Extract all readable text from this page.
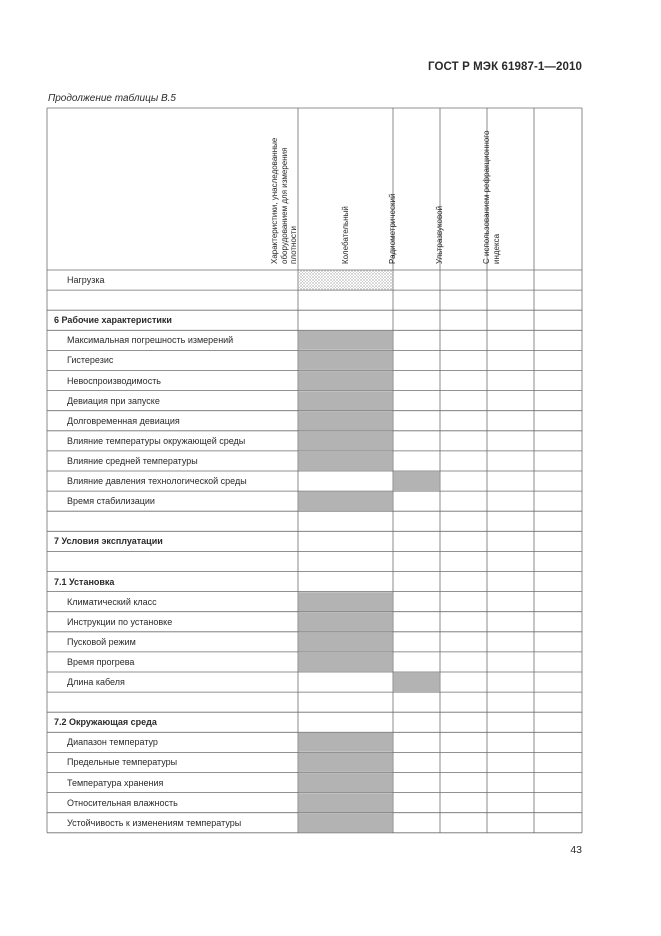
ГОСТ Р МЭК 61987-1—2010
Продолжение таблицы В.5
Характеристики, унаследованные оборудованием для измерения плотности	Колебательный	Радиометрический	Ультразвуковой	С использованием рефракционного индекса
Нагрузка
6 Рабочие характеристики
Максимальная погрешность измерений
Гистерезис
Невоспроизводимость
Девиация при запуске
Долговременная девиация
Влияние температуры окружающей среды
Влияние средней температуры
Влияние давления технологической среды
Время стабилизации
7 Условия эксплуатации
7.1 Установка
Климатический класс
Инструкции по установке
Пусковой режим
Время прогрева
Длина кабеля
7.2 Окружающая среда
Диапазон температур
Предельные температуры
Температура хранения
Относительная влажность
Устойчивость к изменениям температуры
43
